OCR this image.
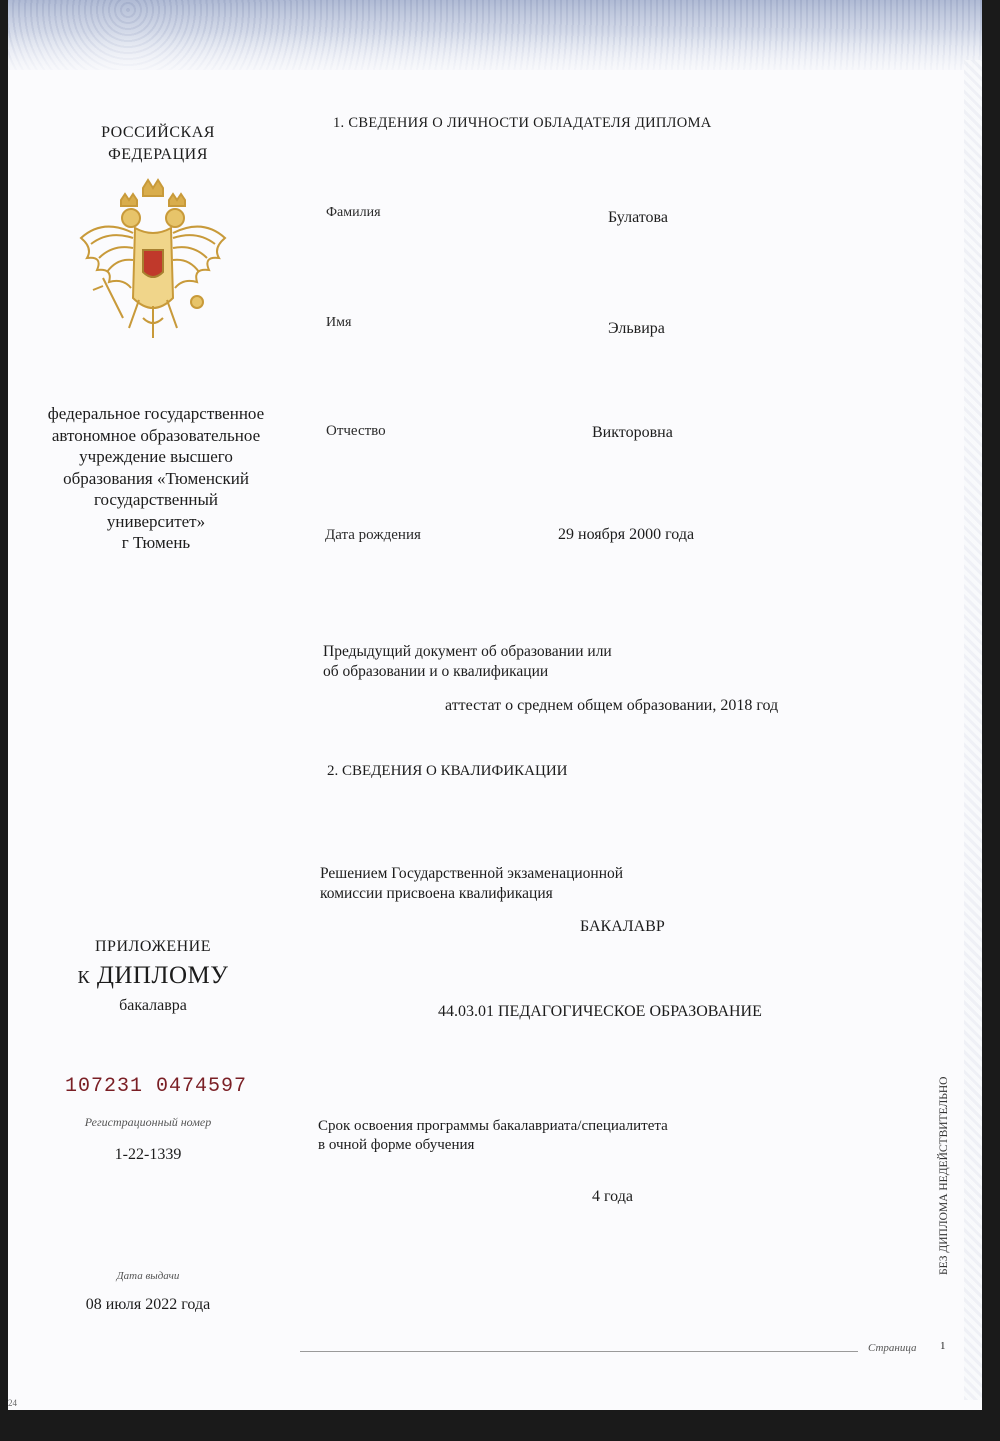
РОССИЙСКАЯ
ФЕДЕРАЦИЯ
федеральное государственное
автономное образовательное
учреждение высшего
образования «Тюменский
государственный
университет»
г Тюмень
ПРИЛОЖЕНИЕ
К ДИПЛОМУ
бакалавра
107231 0474597
Регистрационный номер
1-22-1339
Дата выдачи
08 июля 2022 года
1. СВЕДЕНИЯ О ЛИЧНОСТИ ОБЛАДАТЕЛЯ ДИПЛОМА
Фамилия	Булатова
Имя	Эльвира
Отчество	Викторовна
Дата рождения	29 ноября 2000 года
Предыдущий документ об образовании или
об образовании и о квалификации
аттестат о среднем общем образовании, 2018 год
2. СВЕДЕНИЯ О КВАЛИФИКАЦИИ
Решением Государственной экзаменационной
комиссии присвоена квалификация
БАКАЛАВР
44.03.01 ПЕДАГОГИЧЕСКОЕ ОБРАЗОВАНИЕ
Срок освоения программы бакалавриата/специалитета
в очной форме обучения
4 года	БЕЗ ДИПЛОМА НЕДЕЙСТВИТЕЛЬНО
Страница 1
24
